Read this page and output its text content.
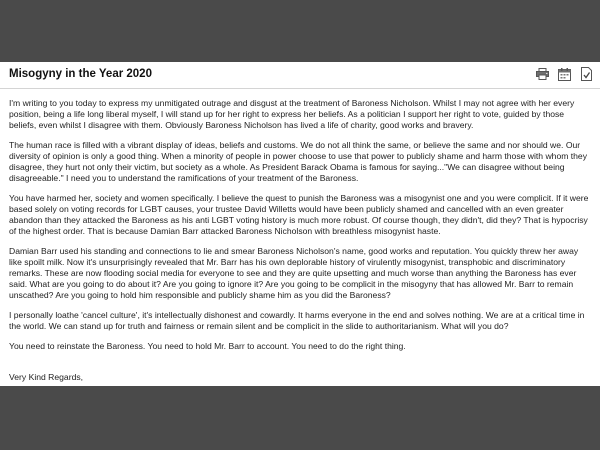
Misogyny in the Year 2020

I'm writing to you today to express my unmitigated outrage and disgust at the treatment of Baroness Nicholson. Whilst I may not agree with her every position, being a life long liberal myself, I will stand up for her right to express her beliefs. As a politician I support her right to vote, guided by those beliefs, even whilst I disagree with them. Obviously Baroness Nicholson has lived a life of charity, good works and bravery.

The human race is filled with a vibrant display of ideas, beliefs and customs. We do not all think the same, or believe the same and nor should we. Our diversity of opinion is only a good thing. When a minority of people in power choose to use that power to publicly shame and harm those with whom they disagree, they hurt not only their victim, but society as a whole. As President Barack Obama is famous for saying..."We can disagree without being disagreeable." I need you to understand the ramifications of your treatment of the Baroness.

You have harmed her, society and women specifically. I believe the quest to punish the Baroness was a misogynist one and you were complicit. If it were based solely on voting records for LGBT causes, your trustee David Willetts would have been publicly shamed and cancelled with an even greater abandon than they attacked the Baroness as his anti LGBT voting history is much more robust. Of course though, they didn't, did they? That is hypocrisy of the highest order. That is because Damian Barr attacked Baroness Nicholson with breathless misogynist haste.

Damian Barr used his standing and connections to lie and smear Baroness Nicholson's name, good works and reputation. You quickly threw her away like spoilt milk. Now it's unsurprisingly revealed that Mr. Barr has his own deplorable history of virulently misogynist, transphobic and discriminatory remarks. These are now flooding social media for everyone to see and they are quite upsetting and much worse than anything the Baroness has ever said. What are you going to do about it? Are you going to ignore it? Are you going to be complicit in the misogyny that has allowed Mr. Barr to remain unscathed? Are you going to hold him responsible and publicly shame him as you did the Baroness?

I personally loathe 'cancel culture', it's intellectually dishonest and cowardly. It harms everyone in the end and solves nothing. We are at a critical time in the world. We can stand up for truth and fairness or remain silent and be complicit in the slide to authoritarianism. What will you do?

You need to reinstate the Baroness. You need to hold Mr. Barr to account. You need to do the right thing.

Very Kind Regards,
